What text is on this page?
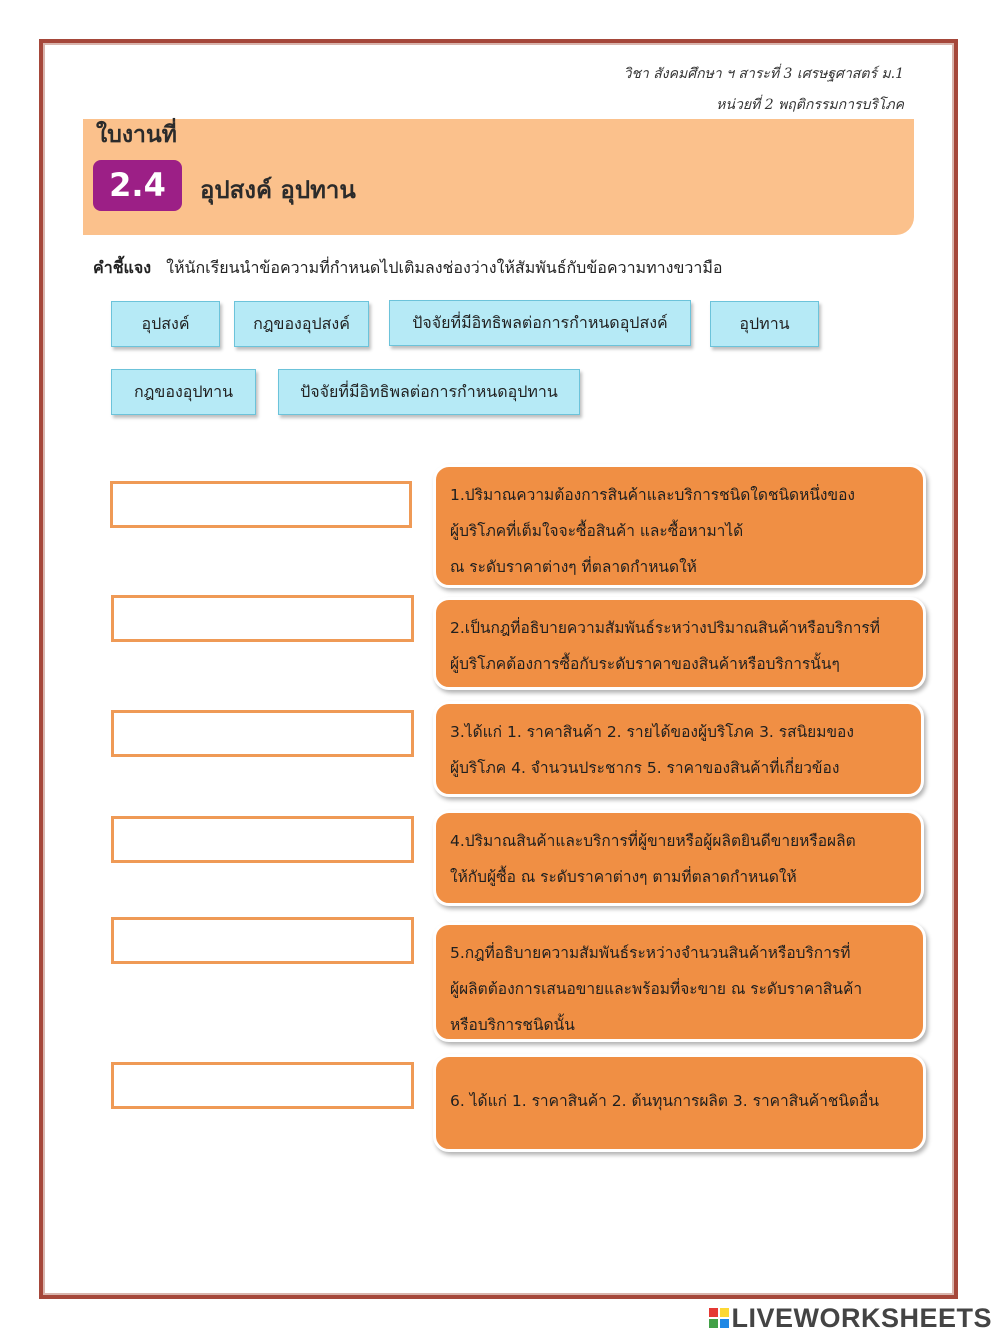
วิชา สังคมศึกษา ฯ สาระที่ 3 เศรษฐศาสตร์ ม.1
หน่วยที่ 2 พฤติกรรมการบริโภค
ใบงานที่
2.4	อุปสงค์ อุปทาน
คำชี้แจง ให้นักเรียนนำข้อความที่กำหนดไปเติมลงช่องว่างให้สัมพันธ์กับข้อความทางขวามือ
อุปสงค์	กฎของอุปสงค์	ปัจจัยที่มีอิทธิพลต่อการกำหนดอุปสงค์	อุปทาน
กฎของอุปทาน	ปัจจัยที่มีอิทธิพลต่อการกำหนดอุปทาน
1.ปริมาณความต้องการสินค้าและบริการชนิดใดชนิดหนึ่งของ
ผู้บริโภคที่เต็มใจจะซื้อสินค้า และซื้อหามาได้
ณ ระดับราคาต่างๆ ที่ตลาดกำหนดให้
2.เป็นกฎที่อธิบายความสัมพันธ์ระหว่างปริมาณสินค้าหรือบริการที่
ผู้บริโภคต้องการซื้อกับระดับราคาของสินค้าหรือบริการนั้นๆ
3.ได้แก่ 1. ราคาสินค้า 2. รายได้ของผู้บริโภค 3. รสนิยมของ
ผู้บริโภค 4. จำนวนประชากร 5. ราคาของสินค้าที่เกี่ยวข้อง
4.ปริมาณสินค้าและบริการที่ผู้ขายหรือผู้ผลิตยินดีขายหรือผลิต
ให้กับผู้ซื้อ ณ ระดับราคาต่างๆ ตามที่ตลาดกำหนดให้
5.กฎที่อธิบายความสัมพันธ์ระหว่างจำนวนสินค้าหรือบริการที่
ผู้ผลิตต้องการเสนอขายและพร้อมที่จะขาย ณ ระดับราคาสินค้า
หรือบริการชนิดนั้น
6. ได้แก่ 1. ราคาสินค้า 2. ต้นทุนการผลิต 3. ราคาสินค้าชนิดอื่น
LIVEWORKSHEETS
